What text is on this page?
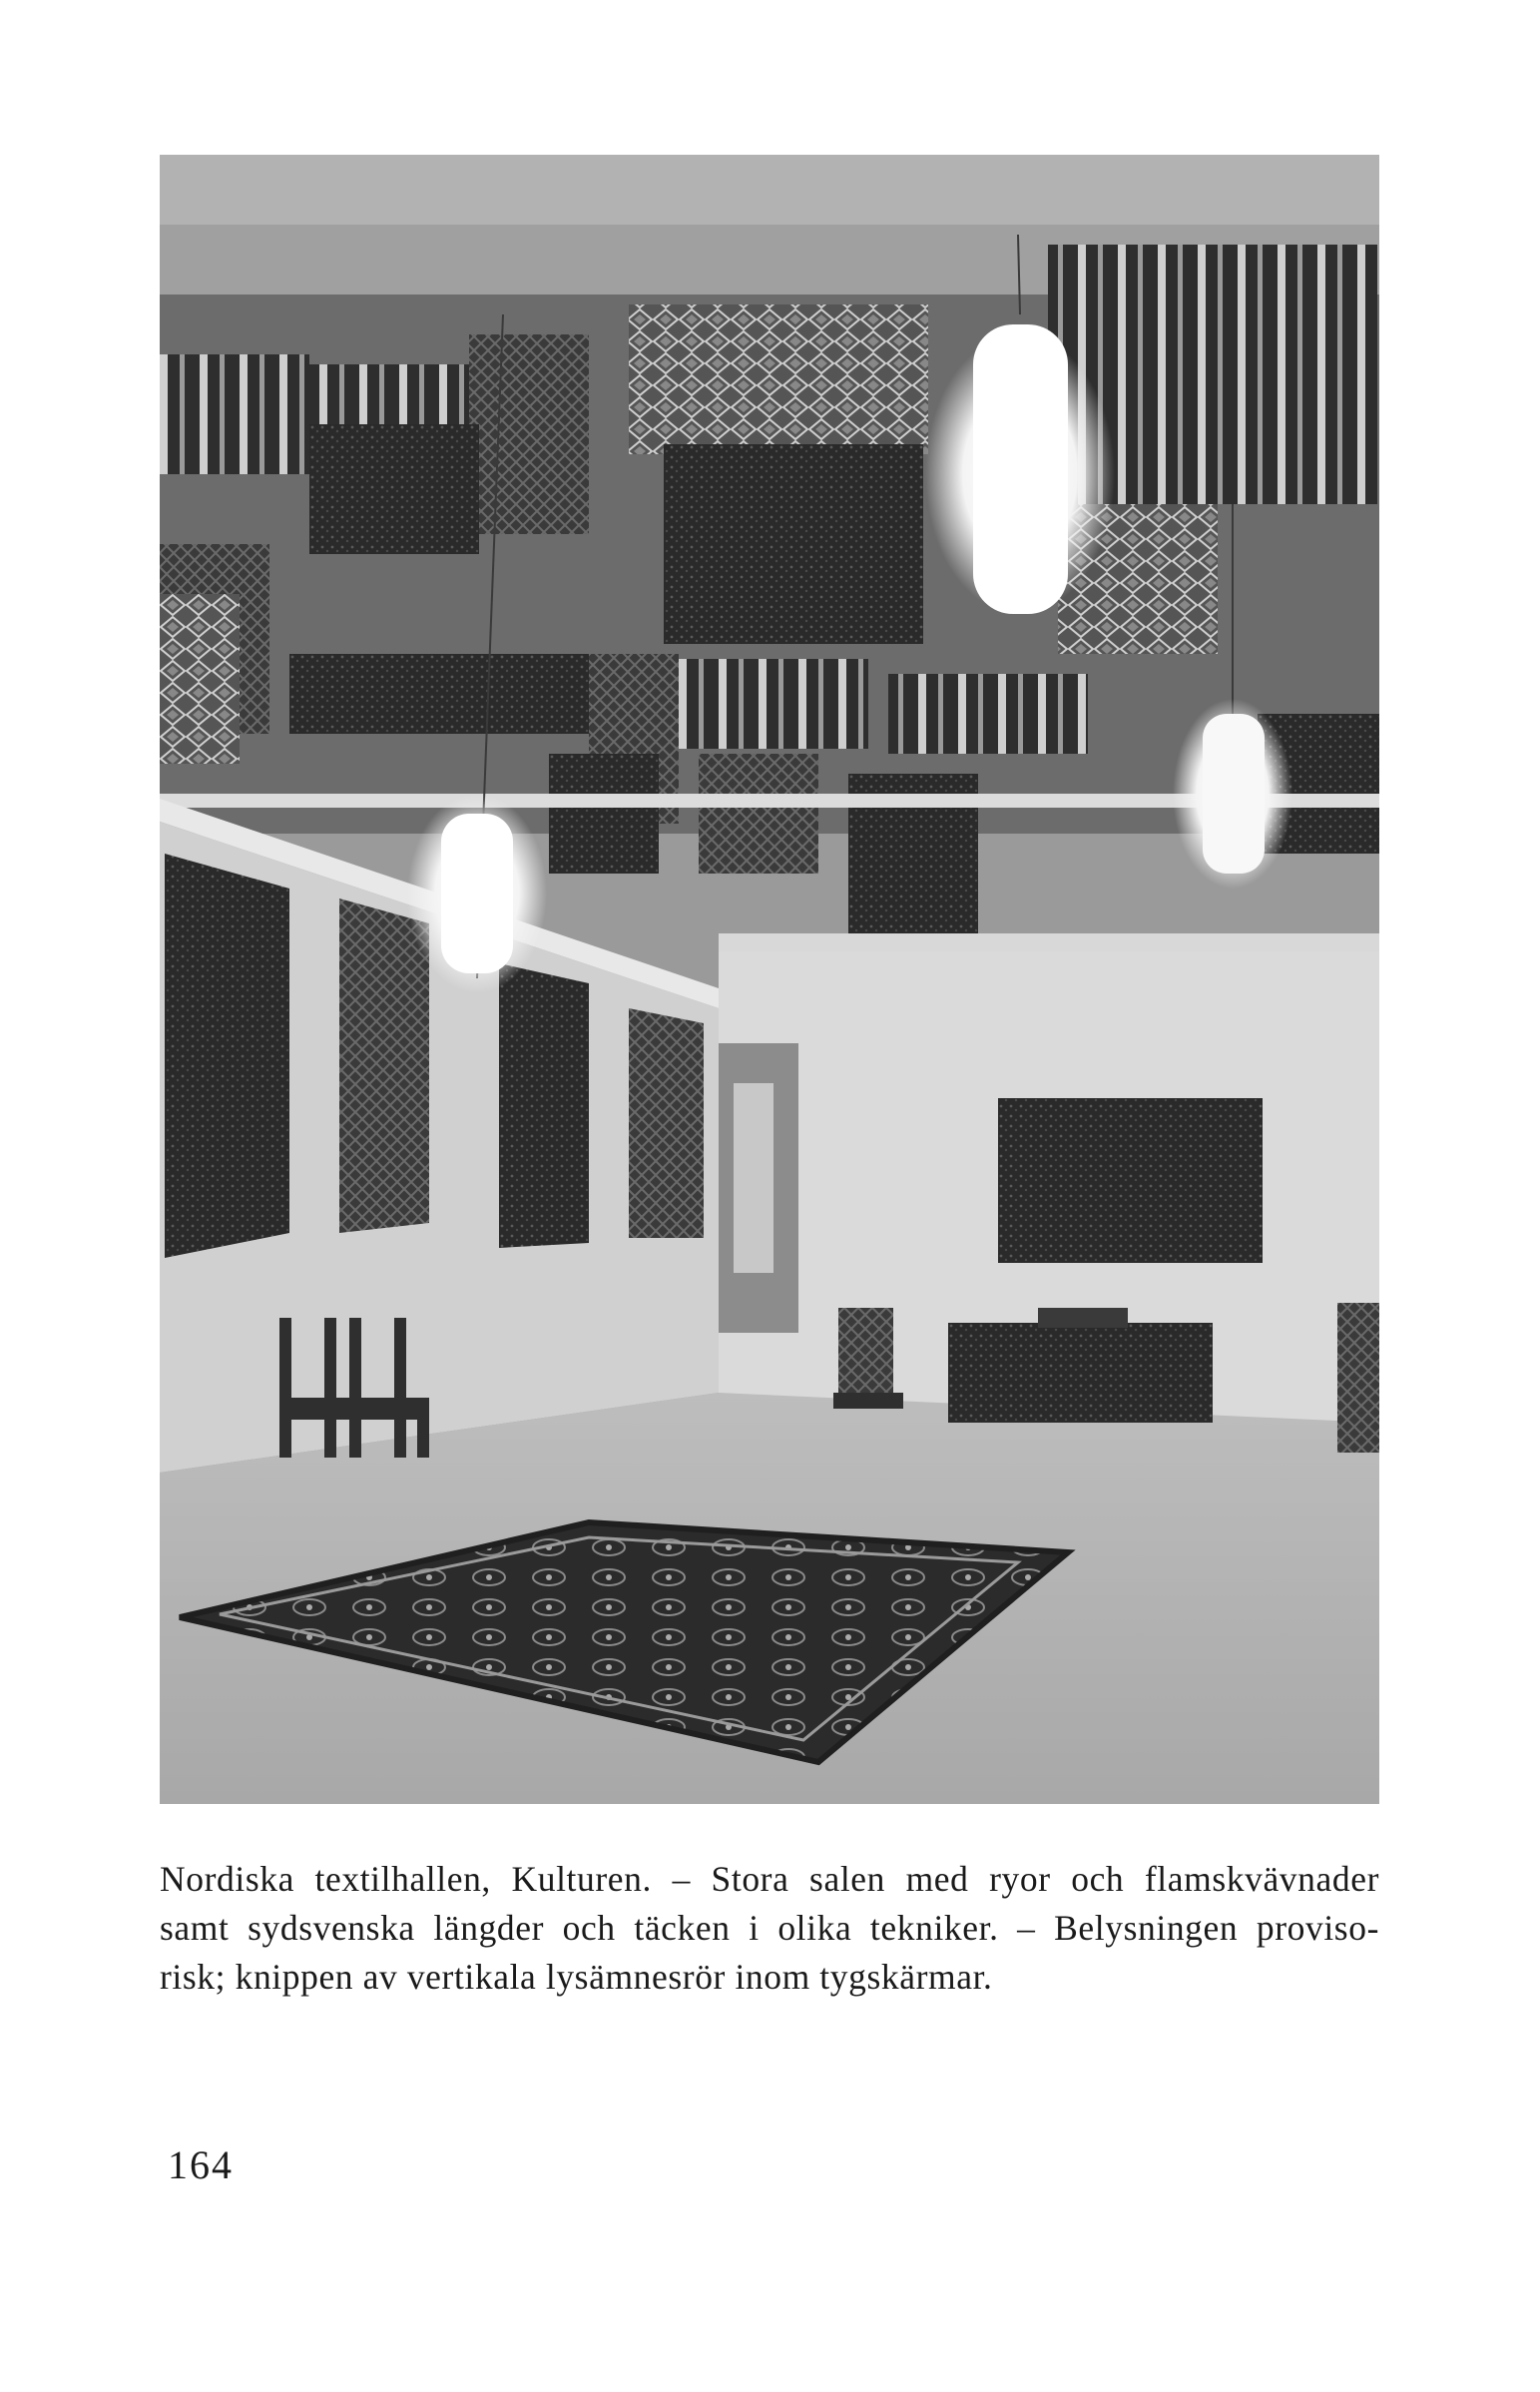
Nordiska textilhallen, Kulturen. – Stora salen med ryor och flamskvävnader
samt sydsvenska längder och täcken i olika tekniker. – Belysningen proviso-
risk; knippen av vertikala lysämnesrör inom tygskärmar.
164
